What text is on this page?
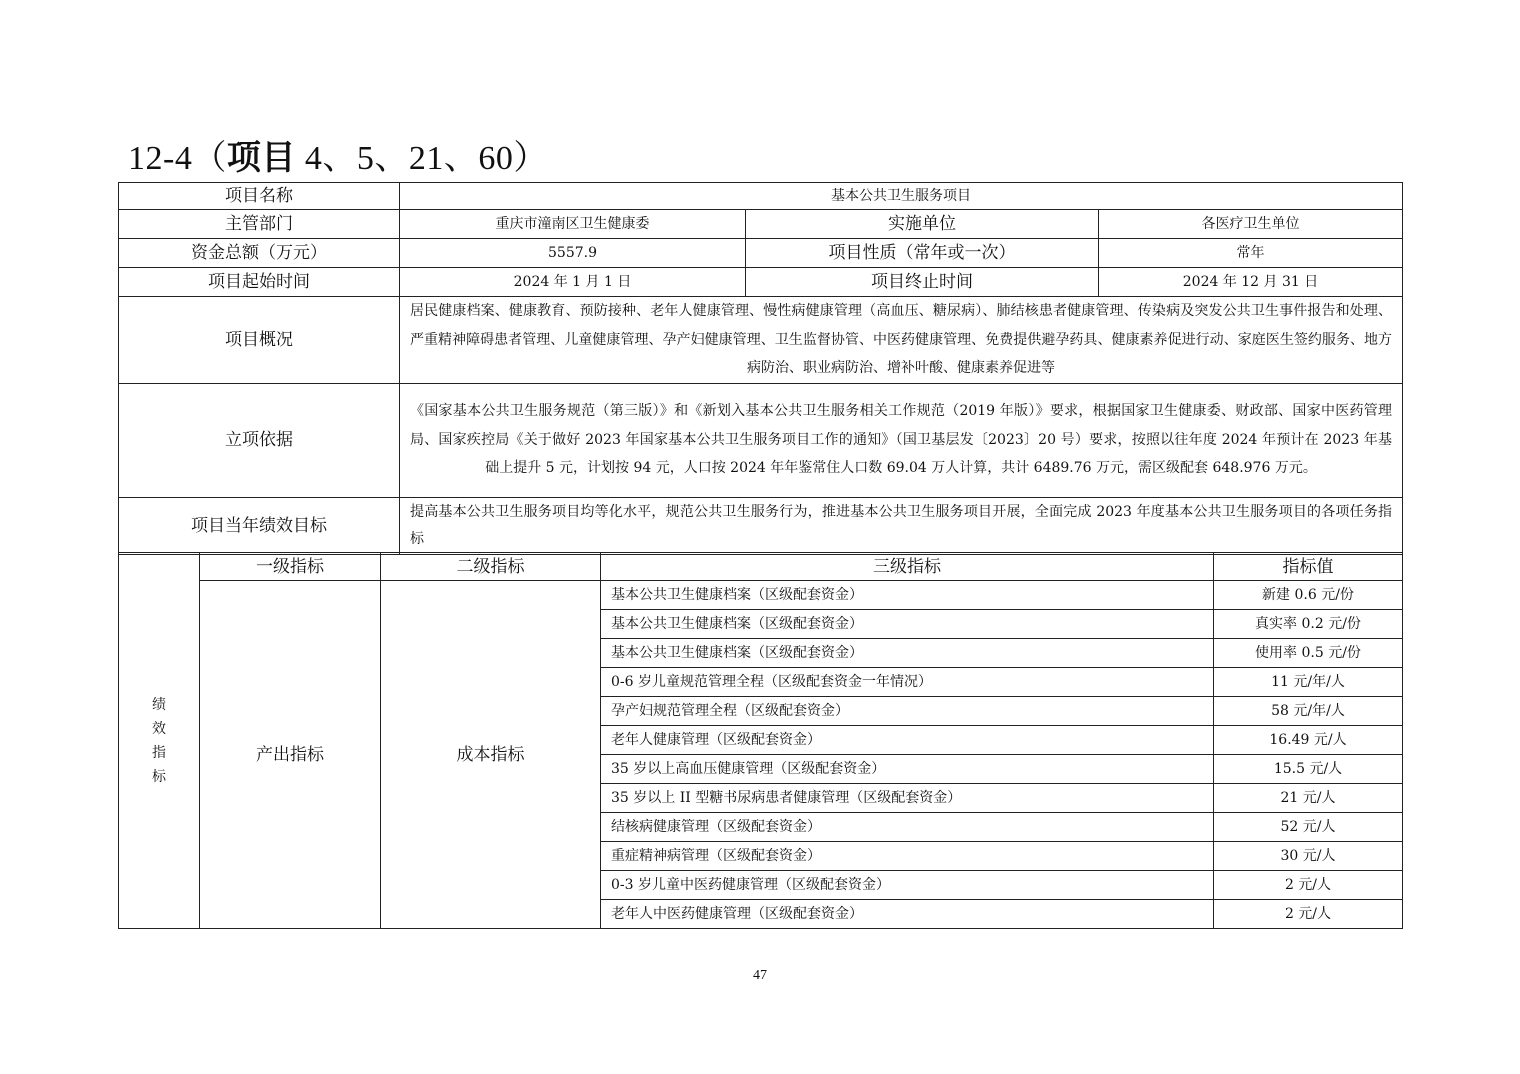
12-4（项目 4、5、21、60）
项目名称	基本公共卫生服务项目		
主管部门	重庆市潼南区卫生健康委	实施单位	各医疗卫生单位
资金总额（万元）	5557.9	项目性质（常年或一次）	常年
项目起始时间	2024 年 1 月 1 日	项目终止时间	2024 年 12 月 31 日
项目概况	居民健康档案、健康教育、预防接种、老年人健康管理、慢性病健康管理（高血压、糖尿病）、肺结核患者健康管理、传染病及突发公共卫生事件报告和处理、严重精神障碍患者管理、儿童健康管理、孕产妇健康管理、卫生监督协管、中医药健康管理、免费提供避孕药具、健康素养促进行动、家庭医生签约服务、地方病防治、职业病防治、增补叶酸、健康素养促进等		
立项依据	《国家基本公共卫生服务规范（第三版）》和《新划入基本公共卫生服务相关工作规范（2019 年版）》要求，根据国家卫生健康委、财政部、国家中医药管理局、国家疾控局《关于做好 2023 年国家基本公共卫生服务项目工作的通知》（国卫基层发〔2023〕20 号）要求，按照以往年度 2024 年预计在 2023 年基础上提升 5 元，计划按 94 元，人口按 2024 年年鉴常住人口数 69.04 万人计算，共计 6489.76 万元，需区级配套 648.976 万元。		
项目当年绩效目标	提高基本公共卫生服务项目均等化水平，规范公共卫生服务行为，推进基本公共卫生服务项目开展，全面完成 2023 年度基本公共卫生服务项目的各项任务指标		
绩
效
指
标	一级指标	二级指标	三级指标	指标值
	产出指标	成本指标	基本公共卫生健康档案（区级配套资金）	新建 0.6 元/份
			基本公共卫生健康档案（区级配套资金）	真实率 0.2 元/份
			基本公共卫生健康档案（区级配套资金）	使用率 0.5 元/份
			0-6 岁儿童规范管理全程（区级配套资金一年情况）	11 元/年/人
			孕产妇规范管理全程（区级配套资金）	58 元/年/人
			老年人健康管理（区级配套资金）	16.49 元/人
			35 岁以上高血压健康管理（区级配套资金）	15.5 元/人
			35 岁以上 II 型糖书尿病患者健康管理（区级配套资金）	21 元/人
			结核病健康管理（区级配套资金）	52 元/人
			重症精神病管理（区级配套资金）	30 元/人
			0-3 岁儿童中医药健康管理（区级配套资金）	2 元/人
			老年人中医药健康管理（区级配套资金）	2 元/人
47
